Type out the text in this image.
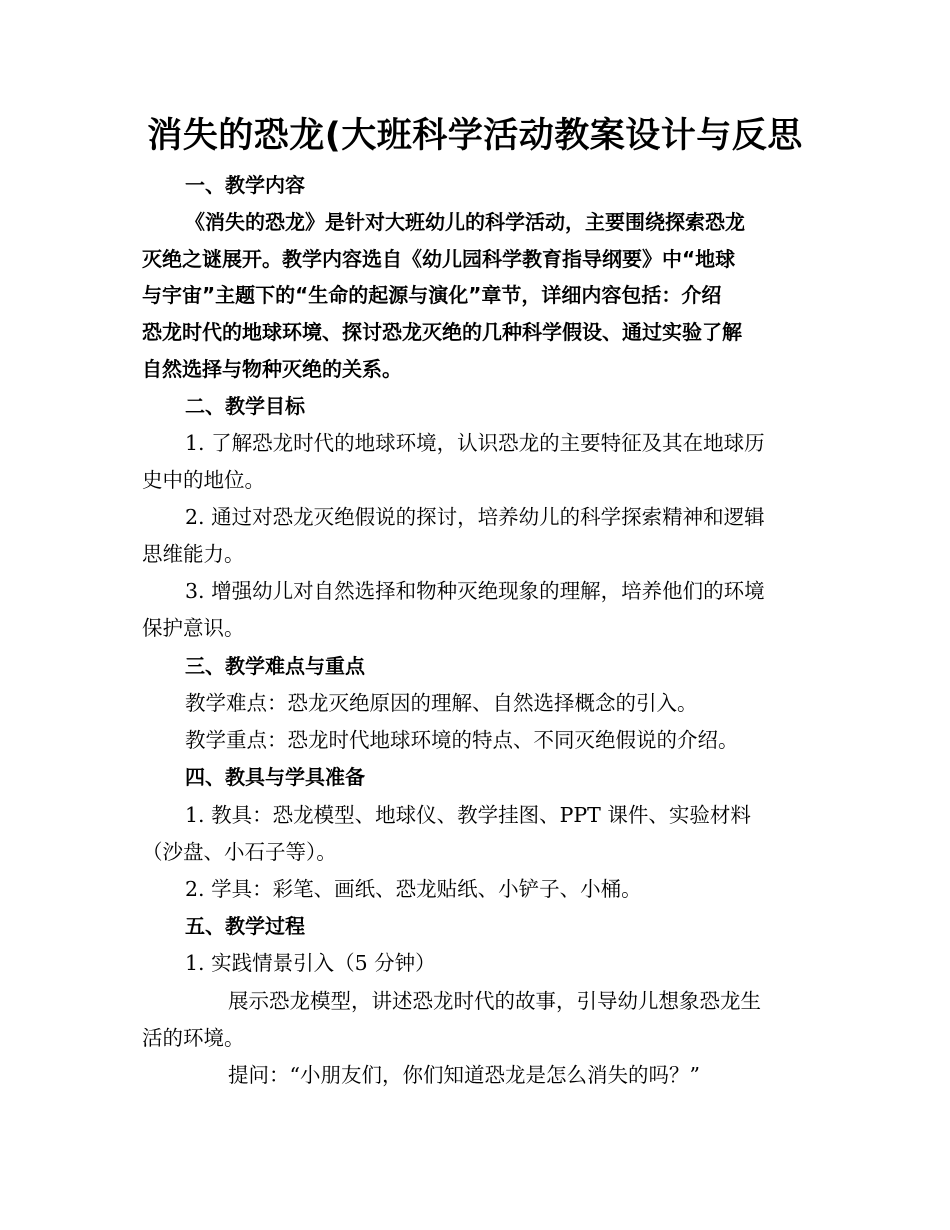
消失的恐龙(大班科学活动教案设计与反思
一、教学内容
《消失的恐龙》是针对大班幼儿的科学活动，主要围绕探索恐龙
灭绝之谜展开。教学内容选自《幼儿园科学教育指导纲要》中“地球
与宇宙”主题下的“生命的起源与演化”章节，详细内容包括：介绍
恐龙时代的地球环境、探讨恐龙灭绝的几种科学假设、通过实验了解
自然选择与物种灭绝的关系。
二、教学目标
1. 了解恐龙时代的地球环境，认识恐龙的主要特征及其在地球历
史中的地位。
2. 通过对恐龙灭绝假说的探讨，培养幼儿的科学探索精神和逻辑
思维能力。
3. 增强幼儿对自然选择和物种灭绝现象的理解，培养他们的环境
保护意识。
三、教学难点与重点
教学难点：恐龙灭绝原因的理解、自然选择概念的引入。
教学重点：恐龙时代地球环境的特点、不同灭绝假说的介绍。
四、教具与学具准备
1. 教具：恐龙模型、地球仪、教学挂图、PPT 课件、实验材料
（沙盘、小石子等）。
2. 学具：彩笔、画纸、恐龙贴纸、小铲子、小桶。
五、教学过程
1. 实践情景引入（5 分钟）
展示恐龙模型，讲述恐龙时代的故事，引导幼儿想象恐龙生
活的环境。
提问：“小朋友们，你们知道恐龙是怎么消失的吗？”
